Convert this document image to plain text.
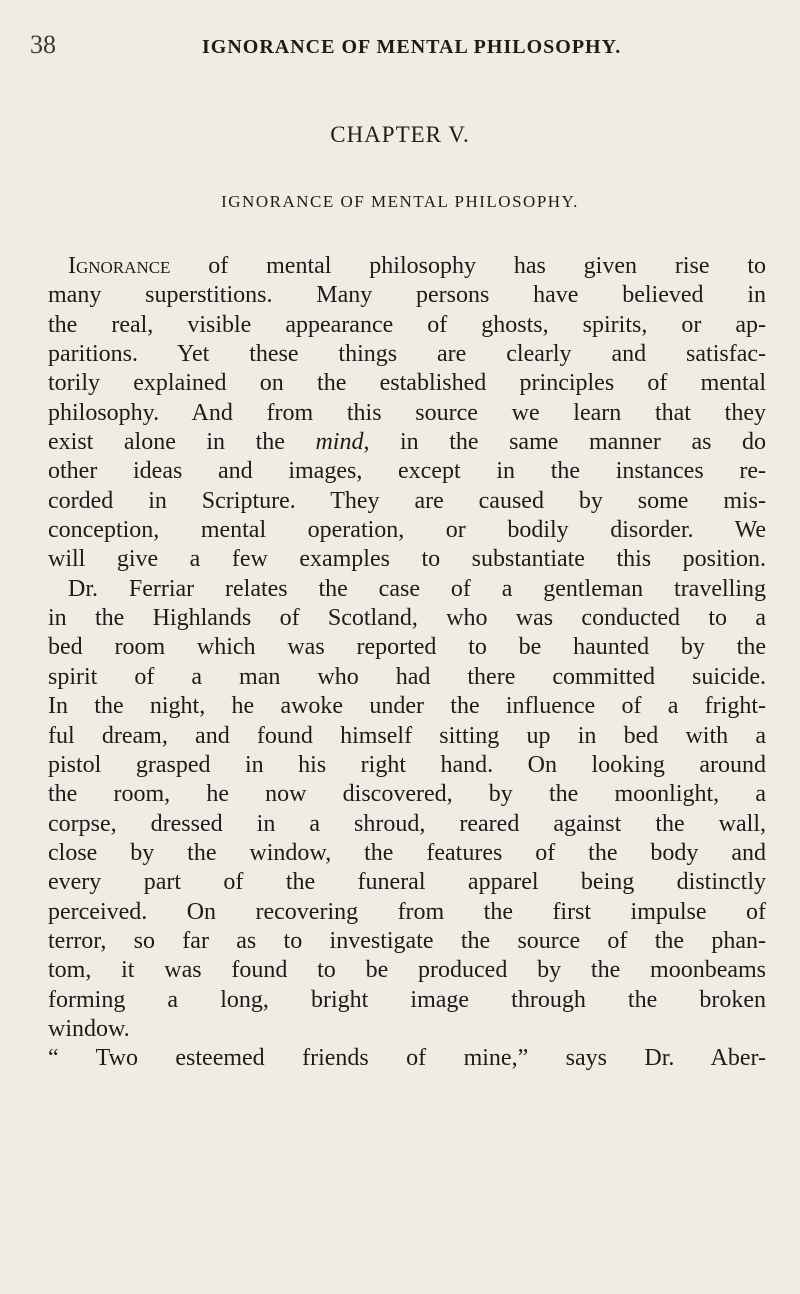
38	IGNORANCE OF MENTAL PHILOSOPHY.
CHAPTER V.
IGNORANCE OF MENTAL PHILOSOPHY.
Ignorance of mental philosophy has given rise to
many superstitions. Many persons have believed in
the real, visible appearance of ghosts, spirits, or ap-
paritions. Yet these things are clearly and satisfac-
torily explained on the established principles of mental
philosophy. And from this source we learn that they
exist alone in the mind, in the same manner as do
other ideas and images, except in the instances re-
corded in Scripture. They are caused by some mis-
conception, mental operation, or bodily disorder. We
will give a few examples to substantiate this position.
Dr. Ferriar relates the case of a gentleman travelling
in the Highlands of Scotland, who was conducted to a
bed room which was reported to be haunted by the
spirit of a man who had there committed suicide.
In the night, he awoke under the influence of a fright-
ful dream, and found himself sitting up in bed with a
pistol grasped in his right hand. On looking around
the room, he now discovered, by the moonlight, a
corpse, dressed in a shroud, reared against the wall,
close by the window, the features of the body and
every part of the funeral apparel being distinctly
perceived. On recovering from the first impulse of
terror, so far as to investigate the source of the phan-
tom, it was found to be produced by the moonbeams
forming a long, bright image through the broken
window.
“ Two esteemed friends of mine,” says Dr. Aber-
